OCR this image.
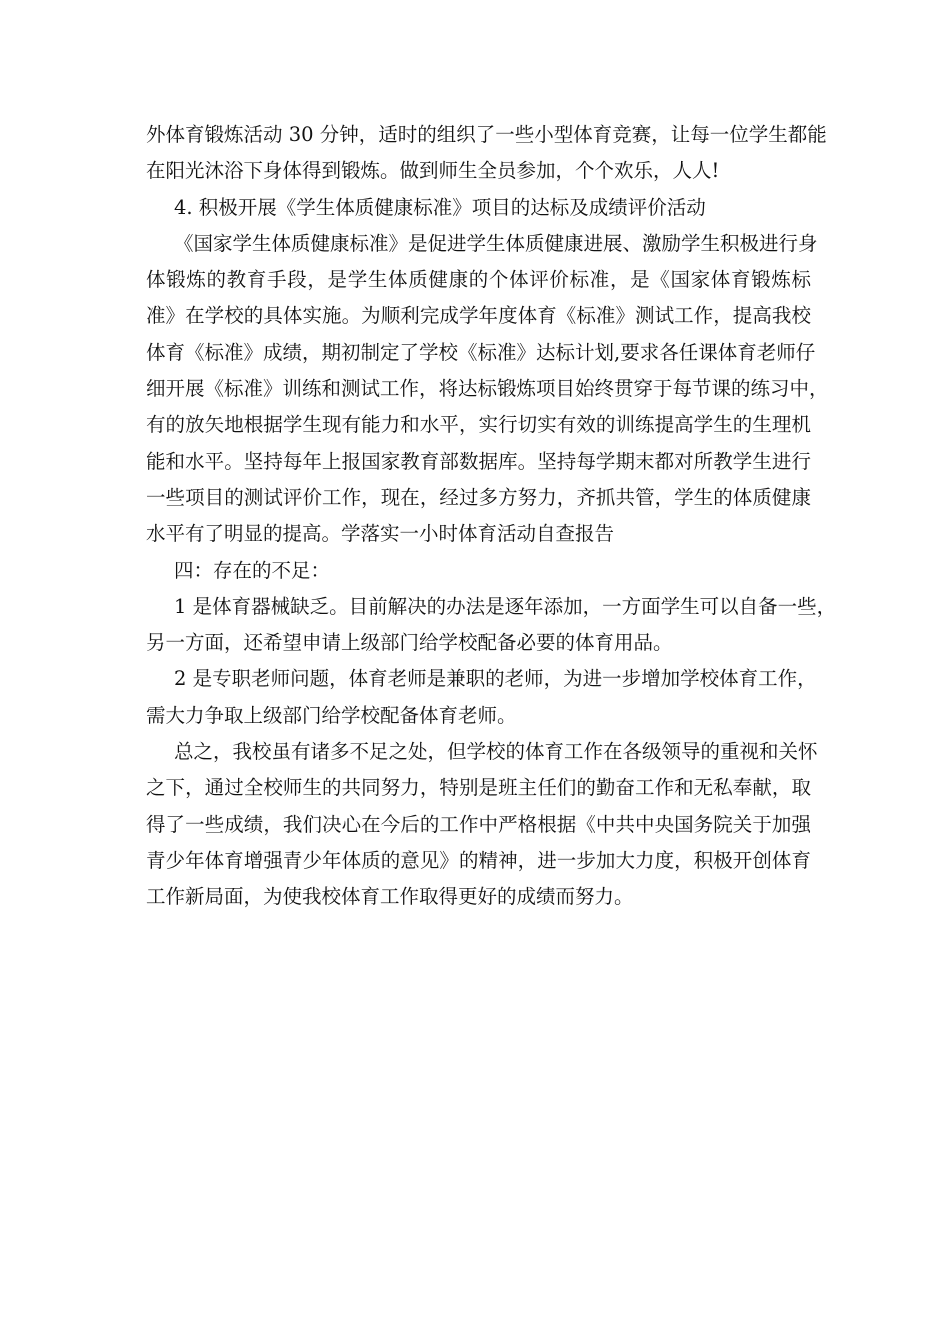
外体育锻炼活动 30 分钟，适时的组织了一些小型体育竞赛，让每一位学生都能
在阳光沐浴下身体得到锻炼。做到师生全员参加，个个欢乐，人人!
4. 积极开展《学生体质健康标准》项目的达标及成绩评价活动
《国家学生体质健康标准》是促进学生体质健康进展、激励学生积极进行身
体锻炼的教育手段，是学生体质健康的个体评价标准，是《国家体育锻炼标
准》在学校的具体实施。为顺利完成学年度体育《标准》测试工作，提高我校
体育《标准》成绩，期初制定了学校《标准》达标计划,要求各任课体育老师仔
细开展《标准》训练和测试工作，将达标锻炼项目始终贯穿于每节课的练习中，
有的放矢地根据学生现有能力和水平，实行切实有效的训练提高学生的生理机
能和水平。坚持每年上报国家教育部数据库。坚持每学期末都对所教学生进行
一些项目的测试评价工作，现在，经过多方努力，齐抓共管，学生的体质健康
水平有了明显的提高。学落实一小时体育活动自查报告
四：存在的不足：
1 是体育器械缺乏。目前解决的办法是逐年添加，一方面学生可以自备一些，
另一方面，还希望申请上级部门给学校配备必要的体育用品。
2 是专职老师问题，体育老师是兼职的老师，为进一步增加学校体育工作，
需大力争取上级部门给学校配备体育老师。
总之，我校虽有诸多不足之处，但学校的体育工作在各级领导的重视和关怀
之下，通过全校师生的共同努力，特别是班主任们的勤奋工作和无私奉献，取
得了一些成绩，我们决心在今后的工作中严格根据《中共中央国务院关于加强
青少年体育增强青少年体质的意见》的精神，进一步加大力度，积极开创体育
工作新局面，为使我校体育工作取得更好的成绩而努力。
